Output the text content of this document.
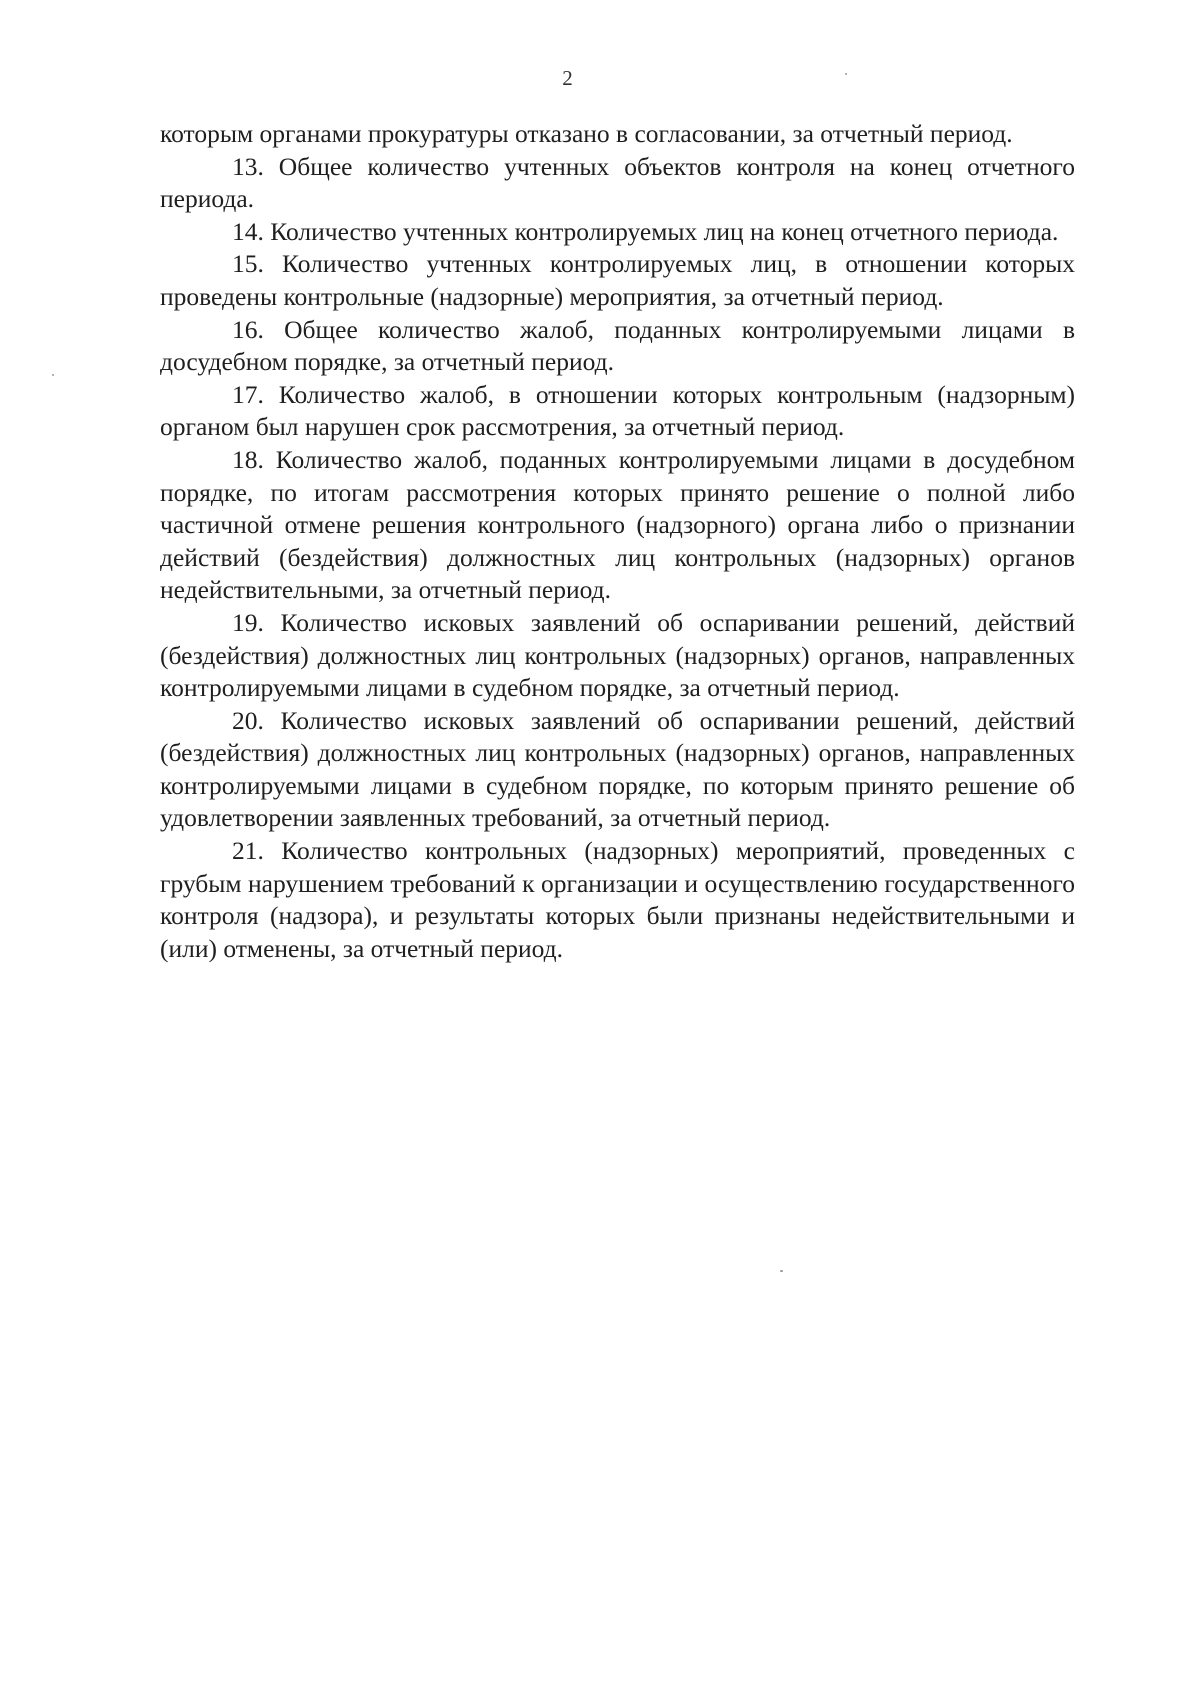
2

которым органами прокуратуры отказано в согласовании, за отчетный период.

13. Общее количество учтенных объектов контроля на конец отчетного периода.

14. Количество учтенных контролируемых лиц на конец отчетного периода.

15. Количество учтенных контролируемых лиц, в отношении которых проведены контрольные (надзорные) мероприятия, за отчетный период.

16. Общее количество жалоб, поданных контролируемыми лицами в досудебном порядке, за отчетный период.

17. Количество жалоб, в отношении которых контрольным (надзорным) органом был нарушен срок рассмотрения, за отчетный период.

18. Количество жалоб, поданных контролируемыми лицами в досудебном порядке, по итогам рассмотрения которых принято решение о полной либо частичной отмене решения контрольного (надзорного) органа либо о признании действий (бездействия) должностных лиц контрольных (надзорных) органов недействительными, за отчетный период.

19. Количество исковых заявлений об оспаривании решений, действий (бездействия) должностных лиц контрольных (надзорных) органов, направленных контролируемыми лицами в судебном порядке, за отчетный период.

20. Количество исковых заявлений об оспаривании решений, действий (бездействия) должностных лиц контрольных (надзорных) органов, направленных контролируемыми лицами в судебном порядке, по которым принято решение об удовлетворении заявленных требований, за отчетный период.

21. Количество контрольных (надзорных) мероприятий, проведенных с грубым нарушением требований к организации и осуществлению государственного контроля (надзора), и результаты которых были признаны недействительными и (или) отменены, за отчетный период.
